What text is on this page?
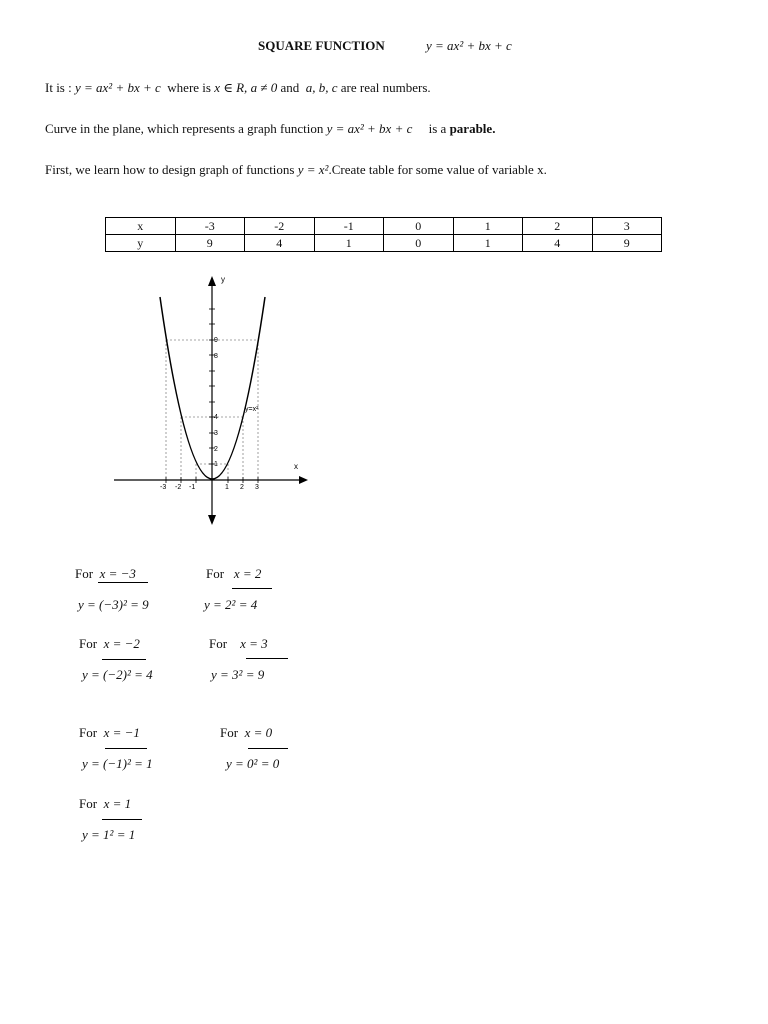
SQUARE FUNCTION	y = ax² + bx + c
It is : y = ax² + bx + c where is x ∈ R, a ≠ 0 and a, b, c are real numbers.
Curve in the plane, which represents a graph function y = ax² + bx + c is a parable.
First, we learn how to design graph of functions y = x².Create table for some value of variable x.
x	-3	-2	-1	0	1	2	3
y	9	4	1	0	1	4	9
y
x
y=x²
-3 -2 -1	1 2 3
1
2
3
4
8
9
For x = −3
y = (−3)² = 9
For x = 2
y = 2² = 4
For x = −2
y = (−2)² = 4
For x = 3
y = 3² = 9
For x = −1
y = (−1)² = 1
For x = 0
y = 0² = 0
For x = 1
y = 1² = 1
